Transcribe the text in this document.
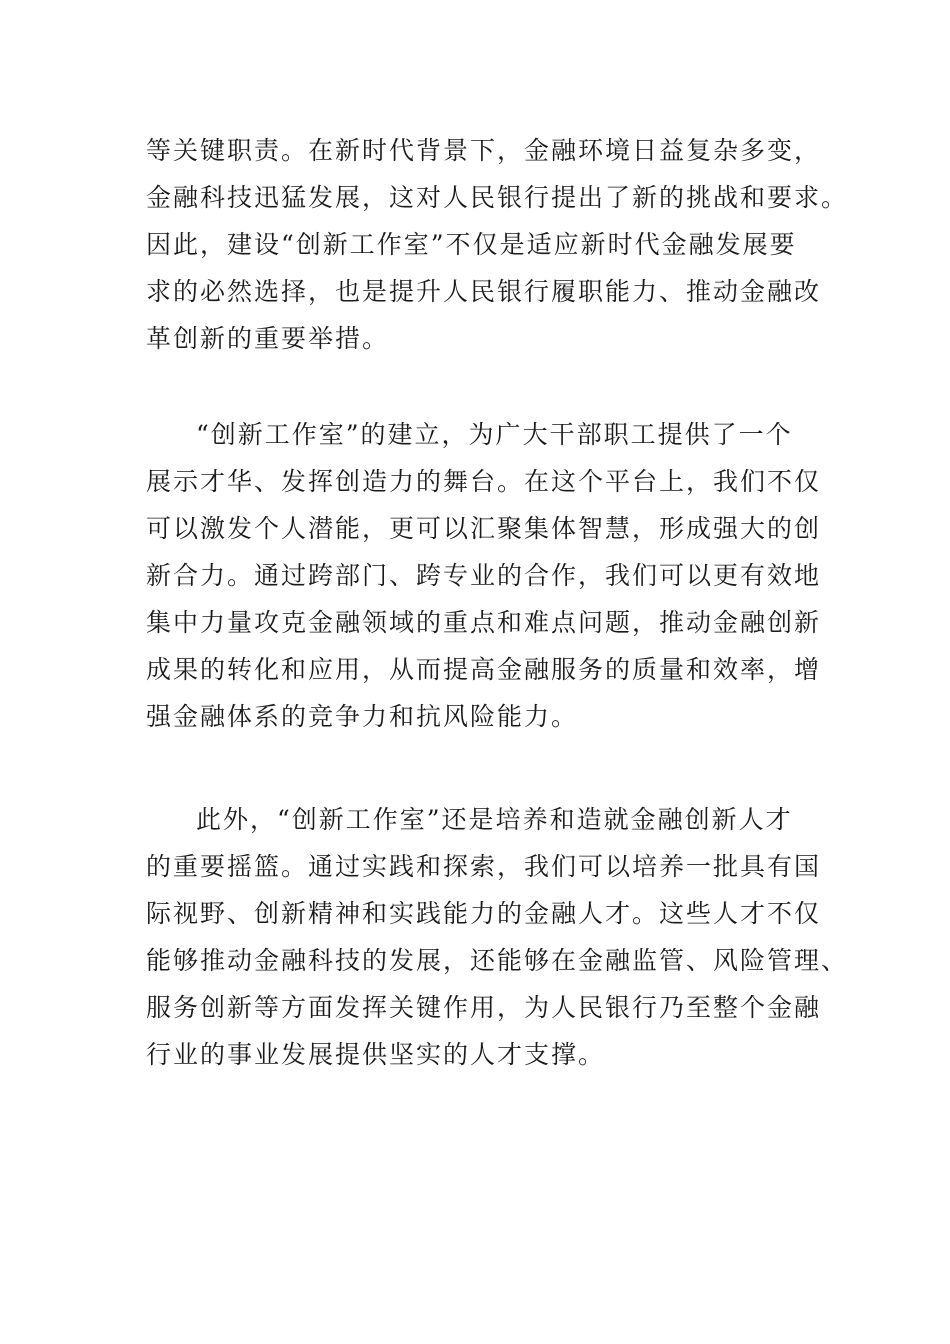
等关键职责。在新时代背景下，金融环境日益复杂多变，
金融科技迅猛发展，这对人民银行提出了新的挑战和要求。
因此，建设“创新工作室”不仅是适应新时代金融发展要
求的必然选择，也是提升人民银行履职能力、推动金融改
革创新的重要举措。
“创新工作室”的建立，为广大干部职工提供了一个
展示才华、发挥创造力的舞台。在这个平台上，我们不仅
可以激发个人潜能，更可以汇聚集体智慧，形成强大的创
新合力。通过跨部门、跨专业的合作，我们可以更有效地
集中力量攻克金融领域的重点和难点问题，推动金融创新
成果的转化和应用，从而提高金融服务的质量和效率，增
强金融体系的竞争力和抗风险能力。
此外，“创新工作室”还是培养和造就金融创新人才
的重要摇篮。通过实践和探索，我们可以培养一批具有国
际视野、创新精神和实践能力的金融人才。这些人才不仅
能够推动金融科技的发展，还能够在金融监管、风险管理、
服务创新等方面发挥关键作用，为人民银行乃至整个金融
行业的事业发展提供坚实的人才支撑。
